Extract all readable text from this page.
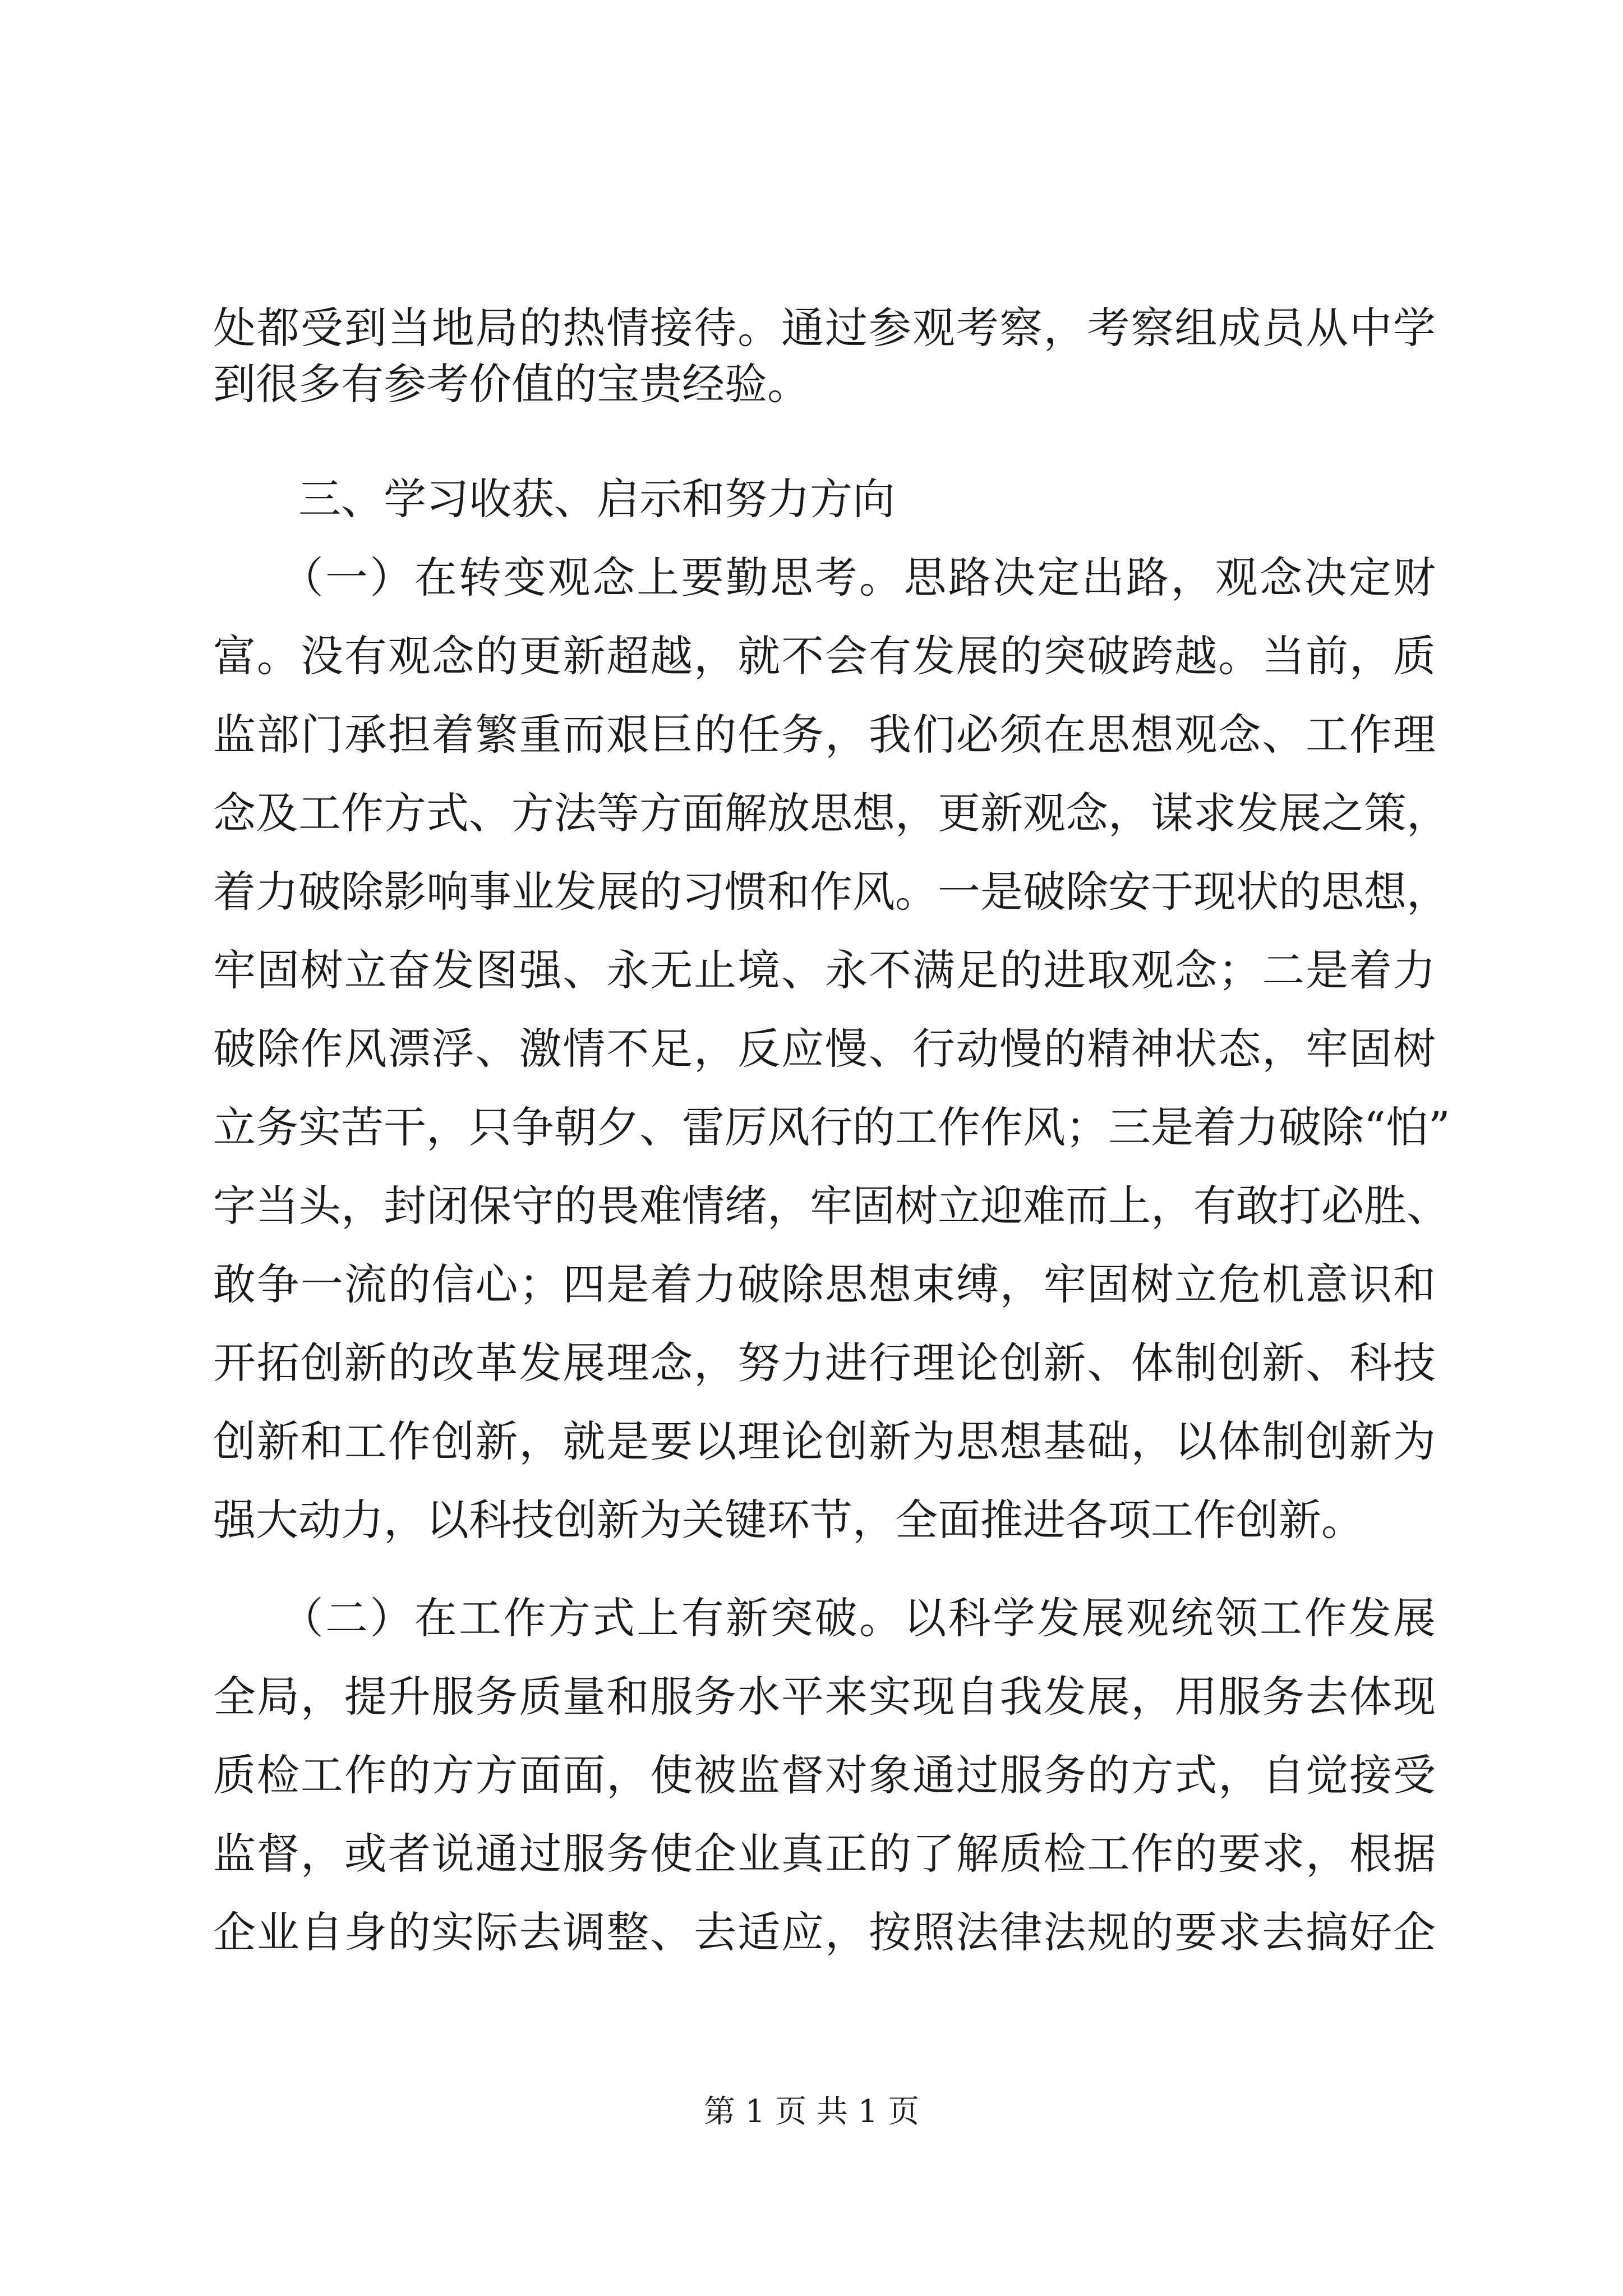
处都受到当地局的热情接待。通过参观考察，考察组成员从中学

到很多有参考价值的宝贵经验。

　　三、学习收获、启示和努力方向

　　（一）在转变观念上要勤思考。思路决定出路，观念决定财

富。没有观念的更新超越，就不会有发展的突破跨越。当前，质

监部门承担着繁重而艰巨的任务，我们必须在思想观念、工作理

念及工作方式、方法等方面解放思想，更新观念，谋求发展之策，

着力破除影响事业发展的习惯和作风。一是破除安于现状的思想，

牢固树立奋发图强、永无止境、永不满足的进取观念；二是着力

破除作风漂浮、激情不足，反应慢、行动慢的精神状态，牢固树

立务实苦干，只争朝夕、雷厉风行的工作作风；三是着力破除“怕”

字当头，封闭保守的畏难情绪，牢固树立迎难而上，有敢打必胜、

敢争一流的信心；四是着力破除思想束缚，牢固树立危机意识和

开拓创新的改革发展理念，努力进行理论创新、体制创新、科技

创新和工作创新，就是要以理论创新为思想基础，以体制创新为

强大动力，以科技创新为关键环节，全面推进各项工作创新。

　　（二）在工作方式上有新突破。以科学发展观统领工作发展

全局，提升服务质量和服务水平来实现自我发展，用服务去体现

质检工作的方方面面，使被监督对象通过服务的方式，自觉接受

监督，或者说通过服务使企业真正的了解质检工作的要求，根据

企业自身的实际去调整、去适应，按照法律法规的要求去搞好企

第 1 页 共 1 页
